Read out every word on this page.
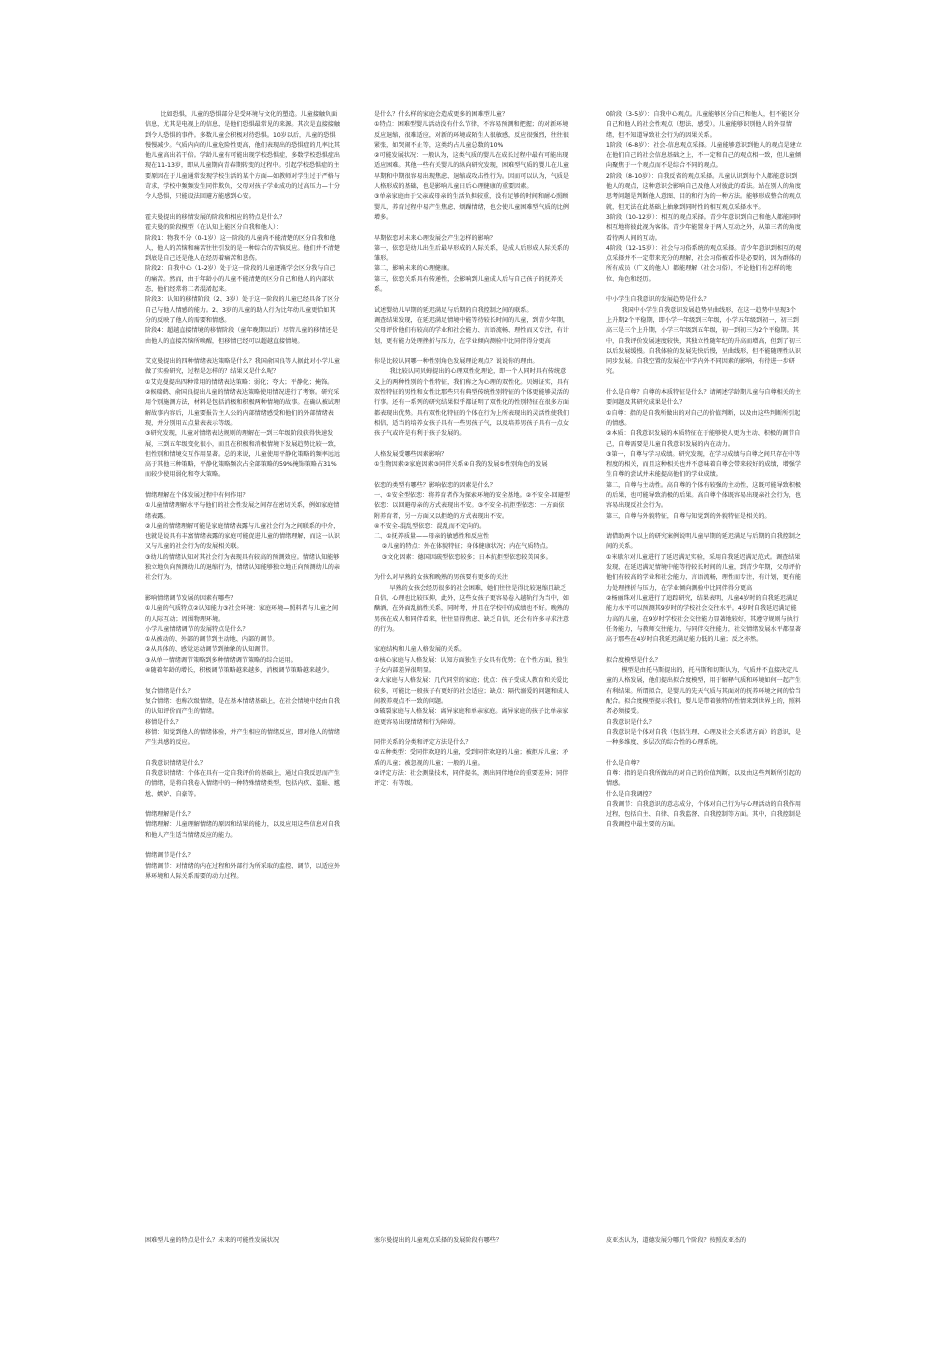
比如恐惧，儿童的恐惧部分是受环境与文化的塑造。儿童接触负面信息，尤其是电视上的信息，是他们恐惧最常见的来源。其次是直接接触到令人恐惧的事件。多数儿童会积极对待恐惧。10岁以后，儿童的恐惧慢慢减少。气质内向的儿童危险性更高，他们表现出的恐惧症的几率比其他儿童高出若干倍。学龄儿童有可能出现学校恐惧症，多数学校恐惧症出现在11-13岁，即从儿童期向青春期转变的过程中。引起学校恐惧症的主要原因在于儿童通常发现学校生活的某个方面—如教师对学生过于严格与苛求，学校中频频发生同伴欺负，父母对孩子学业成功的过高压力—十分令人恐惧，只能设法回避方能感到心安。

霍夫曼提出的移情发展的阶段和相应的特点是什么？
霍夫曼的阶段模型（在认知上能区分自我和他人）：
阶段1：物我不分（0-1岁）这一阶段的儿童尚不能清楚的区分自我和他人，他人的苦恼和痛苦往往引发的是一种综合的苦恼反应。他们并不清楚到底是自己还是他人在经历着痛苦和悲伤。
阶段2：自我中心（1-2岁）处于这一阶段的儿童逐渐学会区分我与自己的痛苦。然而，由于年龄小的儿童不能清楚的区分自己和他人的内部状态，他们经常将二者混淆起来。
阶段3：认知的移情阶段（2、3岁）处于这一阶段的儿童已经具备了区分自己与他人情感的能力。2、3岁的儿童的助人行为比年幼儿童更恰如其分的反映了他人的需要和情感。
阶段4：超越直接情境的移情阶段（童年晚期以后）尽管儿童的移情还是由他人的直接苦恼所唤醒，但移情已经可以超越直接情境。

艾克曼提出的四种情绪表达策略是什么？我国俞国良等人据此对小学儿童做了实验研究，过程是怎样的？结果又是什么呢？
①艾克曼提出四种常用的情绪表达策略：弱化；夸大；平静化；掩饰。
②候瑞鹤、俞国良提出儿童的情绪表达策略使用情况进行了考察。研究采用个别施测方法，材料是包括消极和积极两种情境的故事。在确认被试理解故事内容后，儿童要报告主人公的内部情绪感受和他们的外部情绪表现，并分别用五点量表表示等级。
③研究发现，儿童对情绪表达规则的理解在一到三年级阶段获得快速发展，三到五年级变化很小，而且在积极和消极情境下发展趋势比较一致，但性别和情境交互作用显著。总的来说，儿童使用平静化策略的频率远远高于其他三种策略，平静化策略频次占全部策略的59%掩饰策略占31%而较少使用弱化和夸大策略。

情绪理解在个体发展过程中有何作用？
①儿童情绪理解水平与他们的社会性发展之间存在密切关系，例如家庭情绪表露。
②儿童的情绪理解可能是家庭情绪表露与儿童社会行为之间联系的中介，也就是说具有丰富情绪表露的家庭可能促进儿童的情绪理解，而这一认识又与儿童的社会行为的发展相关联。
③幼儿的情绪认知对其社会行为表现具有较高的预测效应。情绪认知能够独立地负向预测幼儿的退缩行为，情绪认知能够独立地正向预测幼儿的亲社会行为。

影响情绪调节发展的因素有哪些？
①儿童的气质特点②认知能力③社会环境：家庭环境—照料者与儿童之间的人际互动；周围物理环境。
小学儿童情绪调节的发展特点是什么？
①从被动的、外部的调节到主动地、内部的调节。
②从具体的、感觉运动调节到抽象的认知调节。
③从单一情绪调节策略到多种情绪调节策略的综合运用。
④随着年龄的增长，积极调节策略越来越多，消极调节策略越来越少。

复合情绪是什么？
复合情绪：也称次级情绪，是在基本情绪基础上，在社会情境中经由自我的认知评价而产生的情绪。
移情是什么？
移情：知觉到他人的情绪体验，并产生相应的情绪反应，即对他人的情绪产生共感的反应。

自我意识情绪是什么？
自我意识情绪：个体在具有一定自我评价的基础上，通过自我反思而产生的情绪，是将自我卷入情绪中的一种特殊情绪类型，包括内疚、羞耻、尴尬、嫉妒、自豪等。

情绪理解是什么？
情绪理解：儿童理解情绪的原因和结果的能力，以及应用这些信息对自我和他人产生适当情绪反应的能力。

情绪调节是什么？
情绪调节：对情绪的内在过程和外部行为所采取的监控、调节，以适应外界环境和人际关系需要的动力过程。
是什么？什么样的家庭会造成更多的困难型儿童？
①特点：困难型婴儿活动没有什么节律，不容易预测和把握；的对新环境反应退缩，很难适应，对新的环境或陌生人很敏感，反应很强烈，往往很紧张，如哭闹不止等，这类约占儿童总数的10%
②可能发展状况：一般认为，这类气质的婴儿在成长过程中最有可能出现适应困难。其他一些有关婴儿的纵向研究发现，困难型气质的婴儿在儿童早期和中期很容易出现焦虑、退缩或攻击性行为。因而可以认为，气质是人格形成的基础，也是影响儿童日后心理健康的重要因素。
③单亲家庭由于父亲或母亲的生活负担较重，没有足够的时间和耐心照顾婴儿，养育过程中易产生焦虑、烦躁情绪，也会使儿童困难型气质的比例增多。

早期依恋对未来心理发展会产生怎样的影响？
第一，依恋是幼儿出生后最早形成的人际关系，是成人后形成人际关系的雏形。
第二，影响未来的心理健康。
第三，依恋关系具有传递性，会影响到儿童成人后与自己孩子的抚养关系。

试述婴幼儿早期的延迟满足与后期的自我控制之间的联系。
调查结果发现，在延迟满足情境中能等待较长时间的儿童，到青少年期，父母评价他们有较高的学业和社会能力、言语流畅、理性而又专注，有计划，更有能力处理挫折与压力，在学业倾向测验中比同伴得分更高

你是比较认同哪一种性别角色发展理论观点？说说你的理由。
我比较认同贝姆提出的心理双性化理论，即一个人同时具有传统意义上的两种性别的个性特征，我们称之为心理的双性化。贝姆证实，具有双性特征的男性和女性比那些只有典型传统性别特征的个体更能够灵活的行事。还有一系列的研究结果似乎都证明了双性化的性别特征在很多方面都表现出优势。具有双性化特征的个体在行为上所表现出的灵活性使我们相信，适当的培养女孩子具有一些男孩子气，以及培养男孩子具有一点女孩子气或许是有利于孩子发展的。

人格发展受哪些因素影响？
①生物因素②家庭因素③同伴关系④自我的发展⑤性别角色的发展

依恋的类型有哪些？影响依恋的因素是什么？
一、①安全型依恋：将养育者作为探索环境的安全基地。②不安全-回避型依恋：以回避母亲的方式表现出不安。③不安全-抗拒型依恋：一方面依附养育者，另一方面又以拒绝的方式表现出不安。
④不安全-混乱型依恋：混乱而不定向的。
二、①抚养质量——母亲的敏感性和反应性
②儿童的特点：外在体貌特征；身体健康状况；内在气质特点。
③文化因素：德国因疏型依恋较多；日本抗拒型依恋较美国多。

为什么对早熟的女孩和晚熟的男孩要有更多的关注
早熟的女孩会经历很多的社会困难，她们往往是得比较退缩且缺乏自信，心理也比较压抑，此外，这些女孩子更容易卷入越轨行为当中，如酗酒，在外面乱搞性关系，同时考，并且在学校中的成绩也不好。晚熟的男孩在成人和同伴看来，往往显得焦虑、缺乏自信，还会有许多寻求注意的行为。

家庭结构和儿童人格发展的关系。
①核心家庭与人格发展：认知方面独生子女具有优势；在个性方面，独生子女内部差异很明显。
②大家庭与人格发展：几代同堂的家庭；优点：孩子受成人教育和关爱比较多，可能比一般孩子有更好的社会适应；缺点：隔代溺爱的问题和成人间教养观点不一致的问题。
③破裂家庭与人格发展：离异家庭和单亲家庭。离异家庭的孩子比单亲家庭更容易出现情绪和行为障碍。

同伴关系的分类和评定方法是什么？
①五种类型：受同伴欢迎的儿童，受到同伴欢迎的儿童；被拒斥儿童；矛盾的儿童；被忽视的儿童；一般的儿童。
②评定方法：社会测量技术，同伴提名，测出同伴地位的重要差异；同伴评定：有等级。
0阶段（3-5岁）：自我中心观点。儿童能够区分自己和他人，但不能区分自己和他人的社会性观点（想法、感受）。儿童能够识别他人的外显情绪，但不知道导致社会行为的因果关系。
1阶段（6-8岁）：社会-信息观点采择。儿童能够意识到他人的观点是建立在他们自己的社会信息基础之上，不一定和自己的观点相一致，但儿童倾向聚焦于一个观点而不是综合不同的观点。
2阶段（8-10岁）：自我反省的观点采择。儿童认识到每个人都能意识到他人的观点，这种意识会影响自己及他人对彼此的看法。站在别人的角度思考问题是判断他人意图、目的和行为的一种方法。能够形成整合的观点就，但无法在此基础上抽象到同时性的相互观点采择水平。
3阶段（10-12岁）：相互的观点采择。青少年意识到自己和他人都能同时相互地将彼此视为客体。青少年能置身于两人互动之外，从第三者的角度看待两人间的互动。
4阶段（12-15岁）：社会与习俗系统的观点采择。青少年意识到相互的观点采择并不一定带来充分的理解，社会习俗被看作是必要的，因为群体的所有成员（广义的他人）都能理解（社会习俗），不论他们有怎样的地位、角色和经历。

中小学生自我意识的发展趋势是什么？
我国中小学生自我意识发展趋势呈曲线形，在这一趋势中呈现3个上升期2个平稳期，即小学一年级到三年级，小学五年级到初一，初三到高三是三个上升期，小学三年级到五年级，初一到初三为2个平稳期。其中，自我评价发展速度较快，其独立性随年纪的升高而增高，但到了初三以后发展缓慢。自我体验的发展先快后慢，呈曲线形，但不能随理性认识同步发展。自我空置的发展在中学内外不同因素的影响，有待进一步研究。

什么是自尊？自尊的本质特征是什么？请阐述学龄期儿童与自尊相关的主要问题及其研究成果是什么？
①自尊：指的是自我所做出的对自己的价值判断，以及由这些判断所引起的情感。
②本质：自我意识发展的本质特征在于能够使人更为主动、积极的调节自己，自尊需要是儿童自我意识发展的内在动力。
③第一，自尊与学习成绩。研究发现，在学习成绩与自尊之间只存在中等程度的相关，而且这种相关也并不意味着自尊会带来较好的成绩，增强学生自尊的尝试并未能提高他们的学业成绩。
第二，自尊与主动性。高自尊的个体有较强的主动性，这既可能导致积极的后果，也可能导致消极的后果。高自尊个体既容易出现亲社会行为，也容易出现反社会行为。
第三，自尊与外貌特征，自尊与知觉到的外貌特征是相关的。

请借助两个以上的研究案例说明儿童早期的延迟满足与后期的自我控制之间的关系。
①米歇尔对儿童进行了延迟满足实验，采用自我延迟满足范式。调查结果发现，在延迟满足情境中能等待较长时间的儿童，到青少年期，父母评价他们有较高的学业和社会能力，言语流畅，理性而专注，有计划，更有能力处理挫折与压力，在学业倾向测验中比同伴得分更高
②杨丽珠对儿童进行了追踪研究，结果表明，儿童4岁时的自我延迟满足能力水平可以预测其9岁时的学校社会交往水平。4岁时自我延迟满足能力高的儿童，在9岁时学校社会交往能力显著地较好，其遵守规则与执行任务能力，与教师交往能力，与同伴交往能力，社交情绪发展水平都显著高于那些在4岁时自我延迟满足能力低的儿童；反之亦然。

拟合度模型是什么？
模型是由托马斯提出的，托马斯和切斯认为，气质并不直接决定儿童的人格发展，他们提出拟合度模型，用于解释气质和环境如何一起产生有利结果。所谓拟合，是婴儿的先天气质与其面对的抚养环境之间的恰当配合。拟合度模型提示我们，婴儿是带着独特的性情来到世界上的，照料者必须接受。
自我意识是什么？
自我意识是个体对自我（包括生理、心理及社会关系诸方面）的意识，是一种多维度、多层次的综合性的心理系统。

什么是自尊？
自尊：指的是自我所做出的对自己的价值判断，以及由这些判断所引起的情感。
什么是自我调控？
自我调节：自我意识的意志成分，个体对自己行为与心理活动的自我作用过程，包括自主、自律、自我监督、自我控制等方面。其中，自我控制是自我调控中最主要的方面。
困难型儿童的特点是什么？未来的可能性发展状况	塞尔曼提出的儿童观点采择的发展阶段有哪些？	皮亚杰认为，道德发展分哪几个阶段？按照皮亚杰的
